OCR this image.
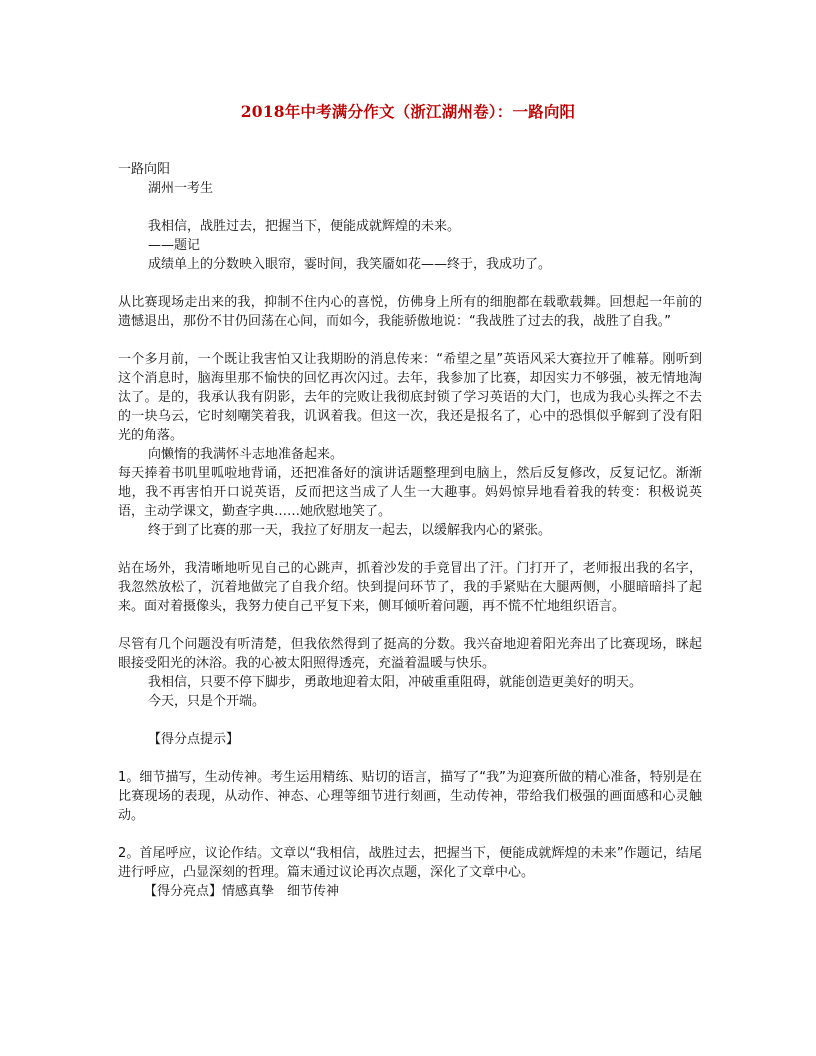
2018年中考满分作文（浙江湖州卷）：一路向阳

一路向阳

湖州一考生

我相信，战胜过去，把握当下，便能成就辉煌的未来。

——题记

成绩单上的分数映入眼帘，霎时间，我笑靥如花——终于，我成功了。

从比赛现场走出来的我，抑制不住内心的喜悦，仿佛身上所有的细胞都在载歌载舞。回想起一年前的遗憾退出，那份不甘仍回荡在心间，而如今，我能骄傲地说：“我战胜了过去的我，战胜了自我。”

一个多月前，一个既让我害怕又让我期盼的消息传来：“希望之星”英语风采大赛拉开了帷幕。刚听到这个消息时，脑海里那不愉快的回忆再次闪过。去年，我参加了比赛，却因实力不够强，被无情地淘汰了。是的，我承认我有阴影，去年的完败让我彻底封锁了学习英语的大门，也成为我心头挥之不去的一块乌云，它时刻嘲笑着我，讥讽着我。但这一次，我还是报名了，心中的恐惧似乎解到了没有阳光的角落。

向懒惰的我满怀斗志地准备起来。

每天捧着书叽里呱啦地背诵，还把准备好的演讲话题整理到电脑上，然后反复修改，反复记忆。渐渐地，我不再害怕开口说英语，反而把这当成了人生一大趣事。妈妈惊异地看着我的转变：积极说英语，主动学课文，勤查字典……她欣慰地笑了。

终于到了比赛的那一天，我拉了好朋友一起去，以缓解我内心的紧张。

站在场外，我清晰地听见自己的心跳声，抓着沙发的手竟冒出了汗。门打开了，老师报出我的名字，我忽然放松了，沉着地做完了自我介绍。快到提问环节了，我的手紧贴在大腿两侧，小腿暗暗抖了起来。面对着摄像头，我努力使自己平复下来，侧耳倾听着问题，再不慌不忙地组织语言。

尽管有几个问题没有听清楚，但我依然得到了挺高的分数。我兴奋地迎着阳光奔出了比赛现场，眯起眼接受阳光的沐浴。我的心被太阳照得透亮，充溢着温暖与快乐。

我相信，只要不停下脚步，勇敢地迎着太阳，冲破重重阻碍，就能创造更美好的明天。

今天，只是个开端。

【得分点提示】

1。细节描写，生动传神。考生运用精练、贴切的语言，描写了“我”为迎赛所做的精心准备，特别是在比赛现场的表现，从动作、神态、心理等细节进行刻画，生动传神，带给我们极强的画面感和心灵触动。

2。首尾呼应，议论作结。文章以“我相信，战胜过去，把握当下，便能成就辉煌的未来”作题记，结尾进行呼应，凸显深刻的哲理。篇末通过议论再次点题，深化了文章中心。

【得分亮点】情感真挚　细节传神
